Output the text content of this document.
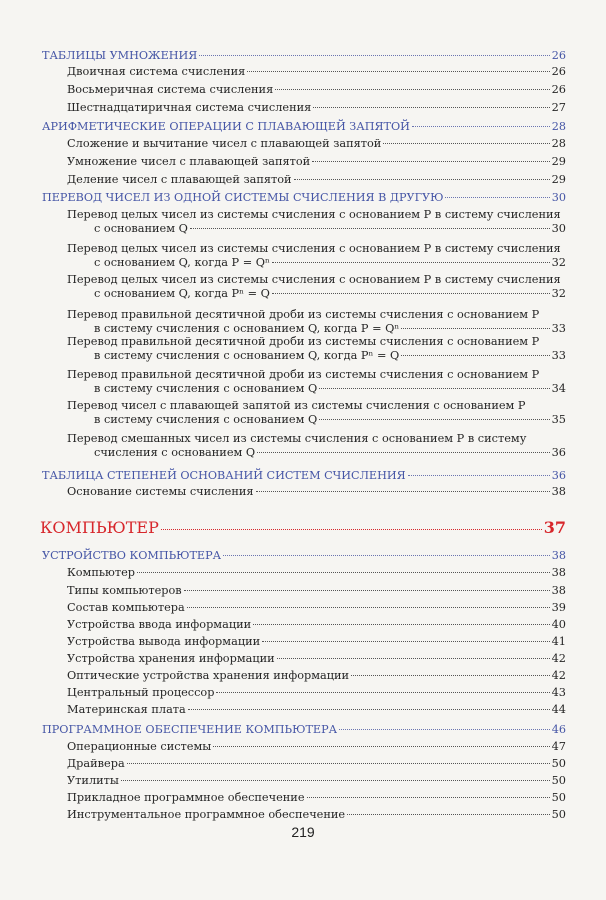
ТАБЛИЦЫ УМНОЖЕНИЯ	26
Двоичная система счисления	26
Восьмеричная система счисления	26
Шестнадцатиричная система счисления	27
АРИФМЕТИЧЕСКИЕ ОПЕРАЦИИ С ПЛАВАЮЩЕЙ ЗАПЯТОЙ	28
Сложение и вычитание чисел с плавающей запятой	28
Умножение чисел с плавающей запятой	29
Деление чисел с плавающей запятой	29
ПЕРЕВОД ЧИСЕЛ ИЗ ОДНОЙ СИСТЕМЫ СЧИСЛЕНИЯ В ДРУГУЮ	30
Перевод целых чисел из системы счисления с основанием P в систему счисления
с основанием Q	30
Перевод целых чисел из системы счисления с основанием P в систему счисления
с основанием Q, когда P = Qⁿ	32
Перевод целых чисел из системы счисления с основанием P в систему счисления
с основанием Q, когда Pⁿ = Q	32
Перевод правильной десятичной дроби из системы счисления с основанием P
в систему счисления с основанием Q, когда P = Qⁿ	33
Перевод правильной десятичной дроби из системы счисления с основанием P
в систему счисления с основанием Q, когда Pⁿ = Q	33
Перевод правильной десятичной дроби из системы счисления с основанием P
в систему счисления с основанием Q	34
Перевод чисел с плавающей запятой из системы счисления с основанием P
в систему счисления с основанием Q	35
Перевод смешанных чисел из системы счисления с основанием P в систему
счисления с основанием Q	36
ТАБЛИЦА СТЕПЕНЕЙ ОСНОВАНИЙ СИСТЕМ СЧИСЛЕНИЯ	36
Основание системы счисления	38
КОМПЬЮТЕР	37
УСТРОЙСТВО КОМПЬЮТЕРА	38
Компьютер	38
Типы компьютеров	38
Состав компьютера	39
Устройства ввода информации	40
Устройства вывода информации	41
Устройства хранения информации	42
Оптические устройства хранения информации	42
Центральный процессор	43
Материнская плата	44
ПРОГРАММНОЕ ОБЕСПЕЧЕНИЕ КОМПЬЮТЕРА	46
Операционные системы	47
Драйвера	50
Утилиты	50
Прикладное программное обеспечение	50
Инструментальное программное обеспечение	50
219
